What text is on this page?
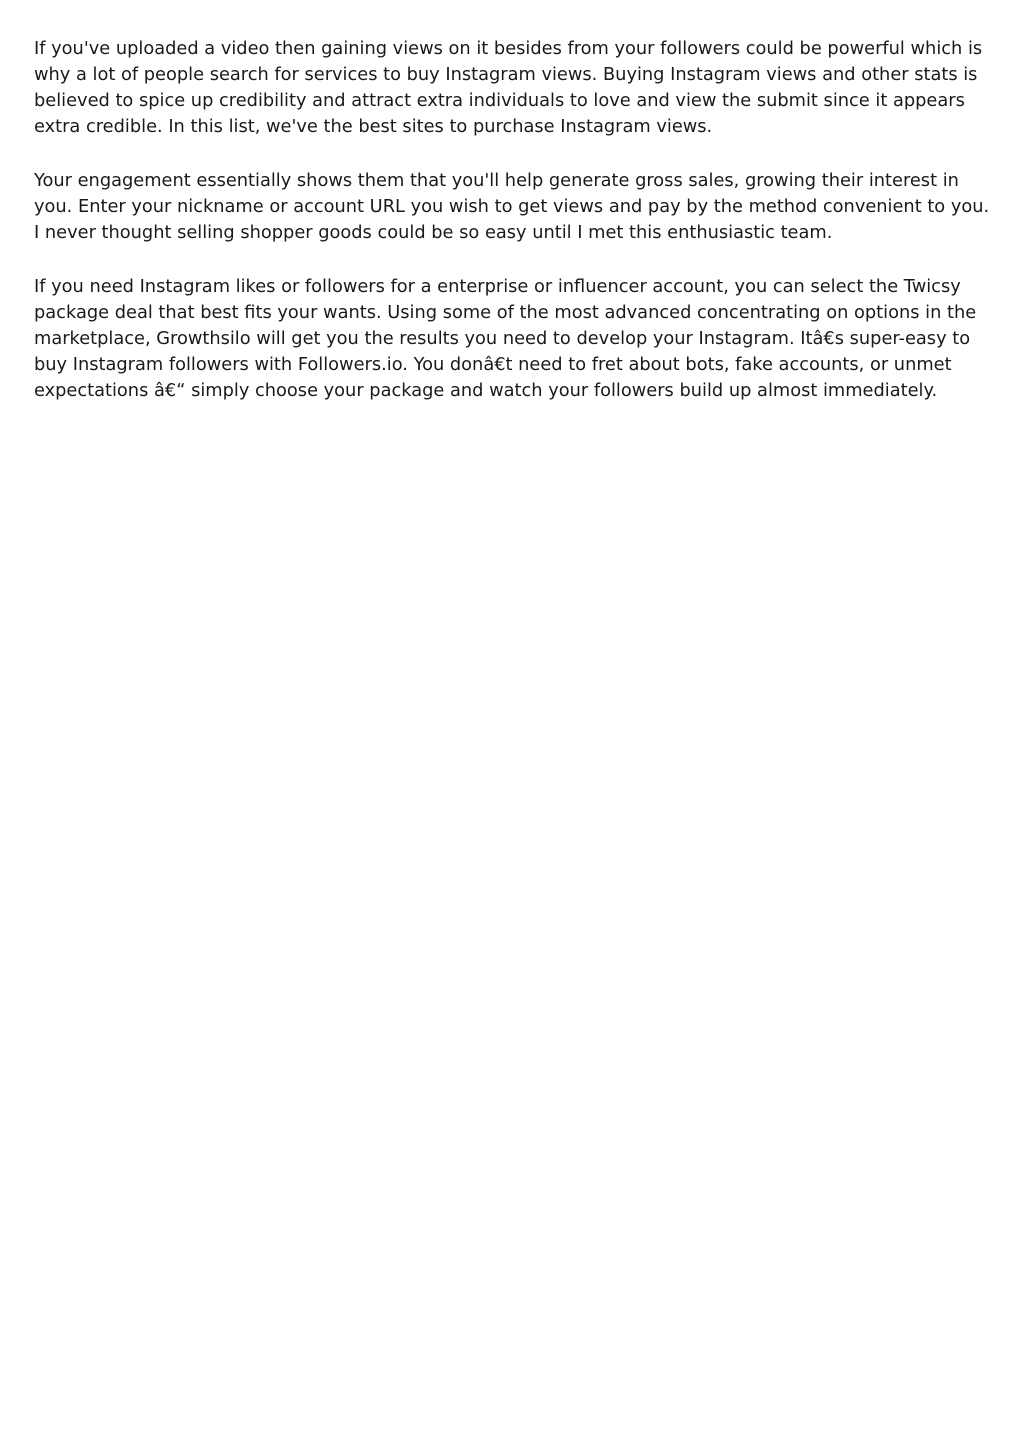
If you've uploaded a video then gaining views on it besides from your followers could be powerful which is why a lot of people search for services to buy Instagram views. Buying Instagram views and other stats is believed to spice up credibility and attract extra individuals to love and view the submit since it appears extra credible. In this list, we've the best sites to purchase Instagram views.

Your engagement essentially shows them that you'll help generate gross sales, growing their interest in you. Enter your nickname or account URL you wish to get views and pay by the method convenient to you. I never thought selling shopper goods could be so easy until I met this enthusiastic team.

If you need Instagram likes or followers for a enterprise or influencer account, you can select the Twicsy package deal that best fits your wants. Using some of the most advanced concentrating on options in the marketplace, Growthsilo will get you the results you need to develop your Instagram. Itâ€s super-easy to buy Instagram followers with Followers.io. You donâ€t need to fret about bots, fake accounts, or unmet expectations â€“ simply choose your package and watch your followers build up almost immediately.
